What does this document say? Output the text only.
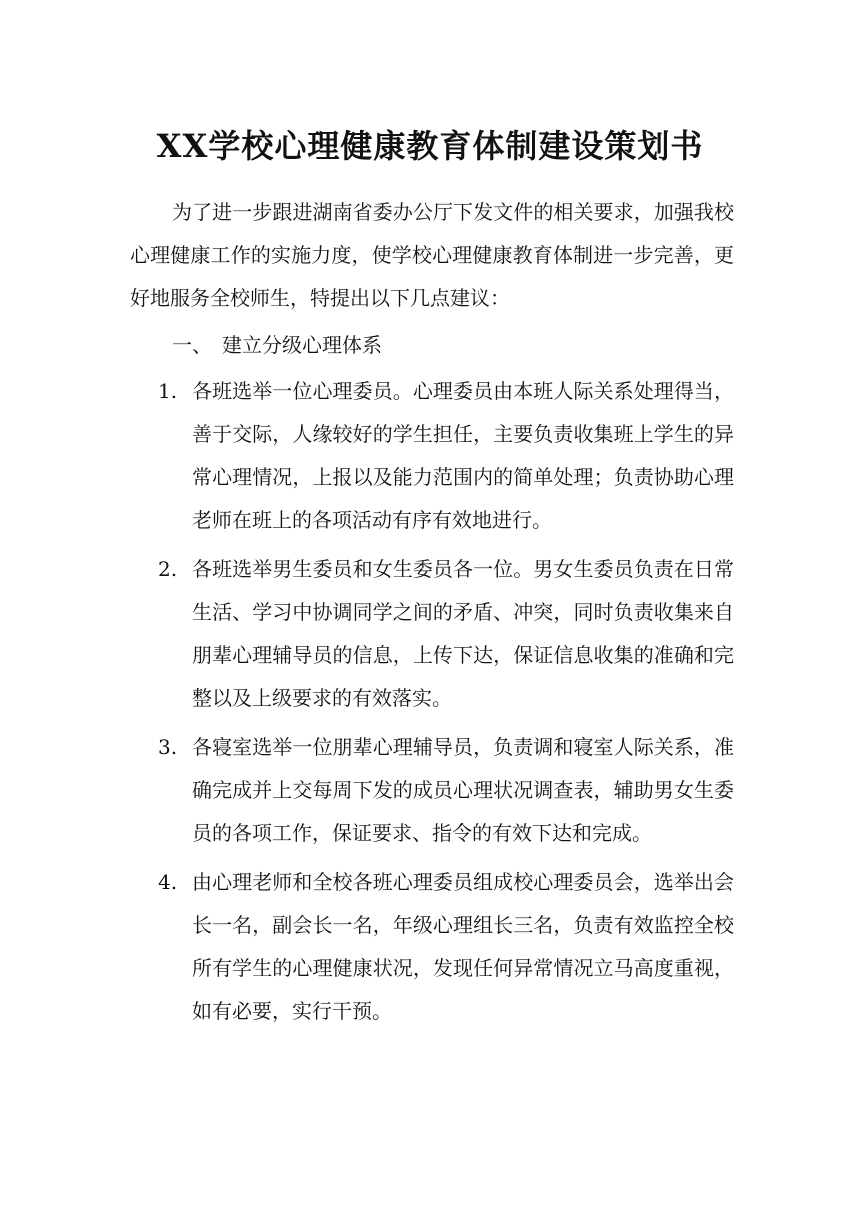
XX学校心理健康教育体制建设策划书

为了进一步跟进湖南省委办公厅下发文件的相关要求，加强我校心理健康工作的实施力度，使学校心理健康教育体制进一步完善，更好地服务全校师生，特提出以下几点建议：

一、 建立分级心理体系
1. 各班选举一位心理委员。心理委员由本班人际关系处理得当，善于交际，人缘较好的学生担任，主要负责收集班上学生的异常心理情况，上报以及能力范围内的简单处理；负责协助心理老师在班上的各项活动有序有效地进行。
2. 各班选举男生委员和女生委员各一位。男女生委员负责在日常生活、学习中协调同学之间的矛盾、冲突，同时负责收集来自朋辈心理辅导员的信息，上传下达，保证信息收集的准确和完整以及上级要求的有效落实。
3. 各寝室选举一位朋辈心理辅导员，负责调和寝室人际关系，准确完成并上交每周下发的成员心理状况调查表，辅助男女生委员的各项工作，保证要求、指令的有效下达和完成。
4. 由心理老师和全校各班心理委员组成校心理委员会，选举出会长一名，副会长一名，年级心理组长三名，负责有效监控全校所有学生的心理健康状况，发现任何异常情况立马高度重视，如有必要，实行干预。
